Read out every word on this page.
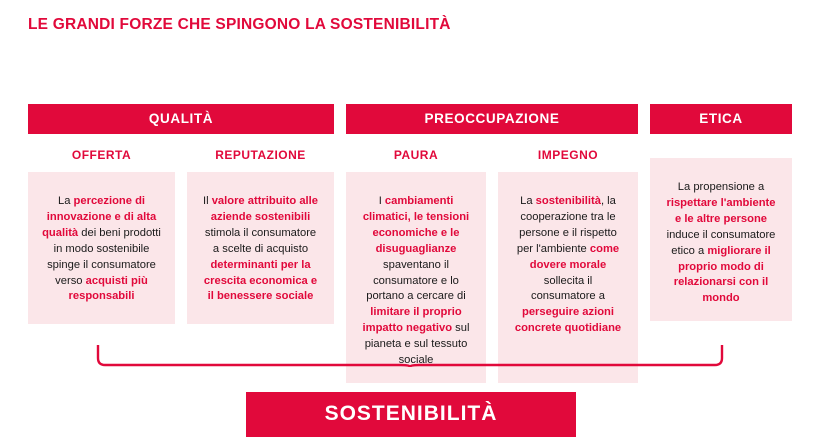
LE GRANDI FORZE CHE SPINGONO LA SOSTENIBILITÀ
QUALITÀ
OFFERTA
La percezione di innovazione e di alta qualità dei beni prodotti in modo sostenibile spinge il consumatore verso acquisti più responsabili
REPUTAZIONE
Il valore attribuito alle aziende sostenibili stimola il consumatore a scelte di acquisto determinanti per la crescita economica e il benessere sociale
PREOCCUPAZIONE
PAURA
I cambiamenti climatici, le tensioni economiche e le disuguaglianze spaventano il consumatore e lo portano a cercare di limitare il proprio impatto negativo sul pianeta e sul tessuto sociale
IMPEGNO
La sostenibilità, la cooperazione tra le persone e il rispetto per l'ambiente come dovere morale sollecita il consumatore a perseguire azioni concrete quotidiane
ETICA
La propensione a rispettare l'ambiente e le altre persone induce il consumatore etico a migliorare il proprio modo di relazionarsi con il mondo
SOSTENIBILITÀ
